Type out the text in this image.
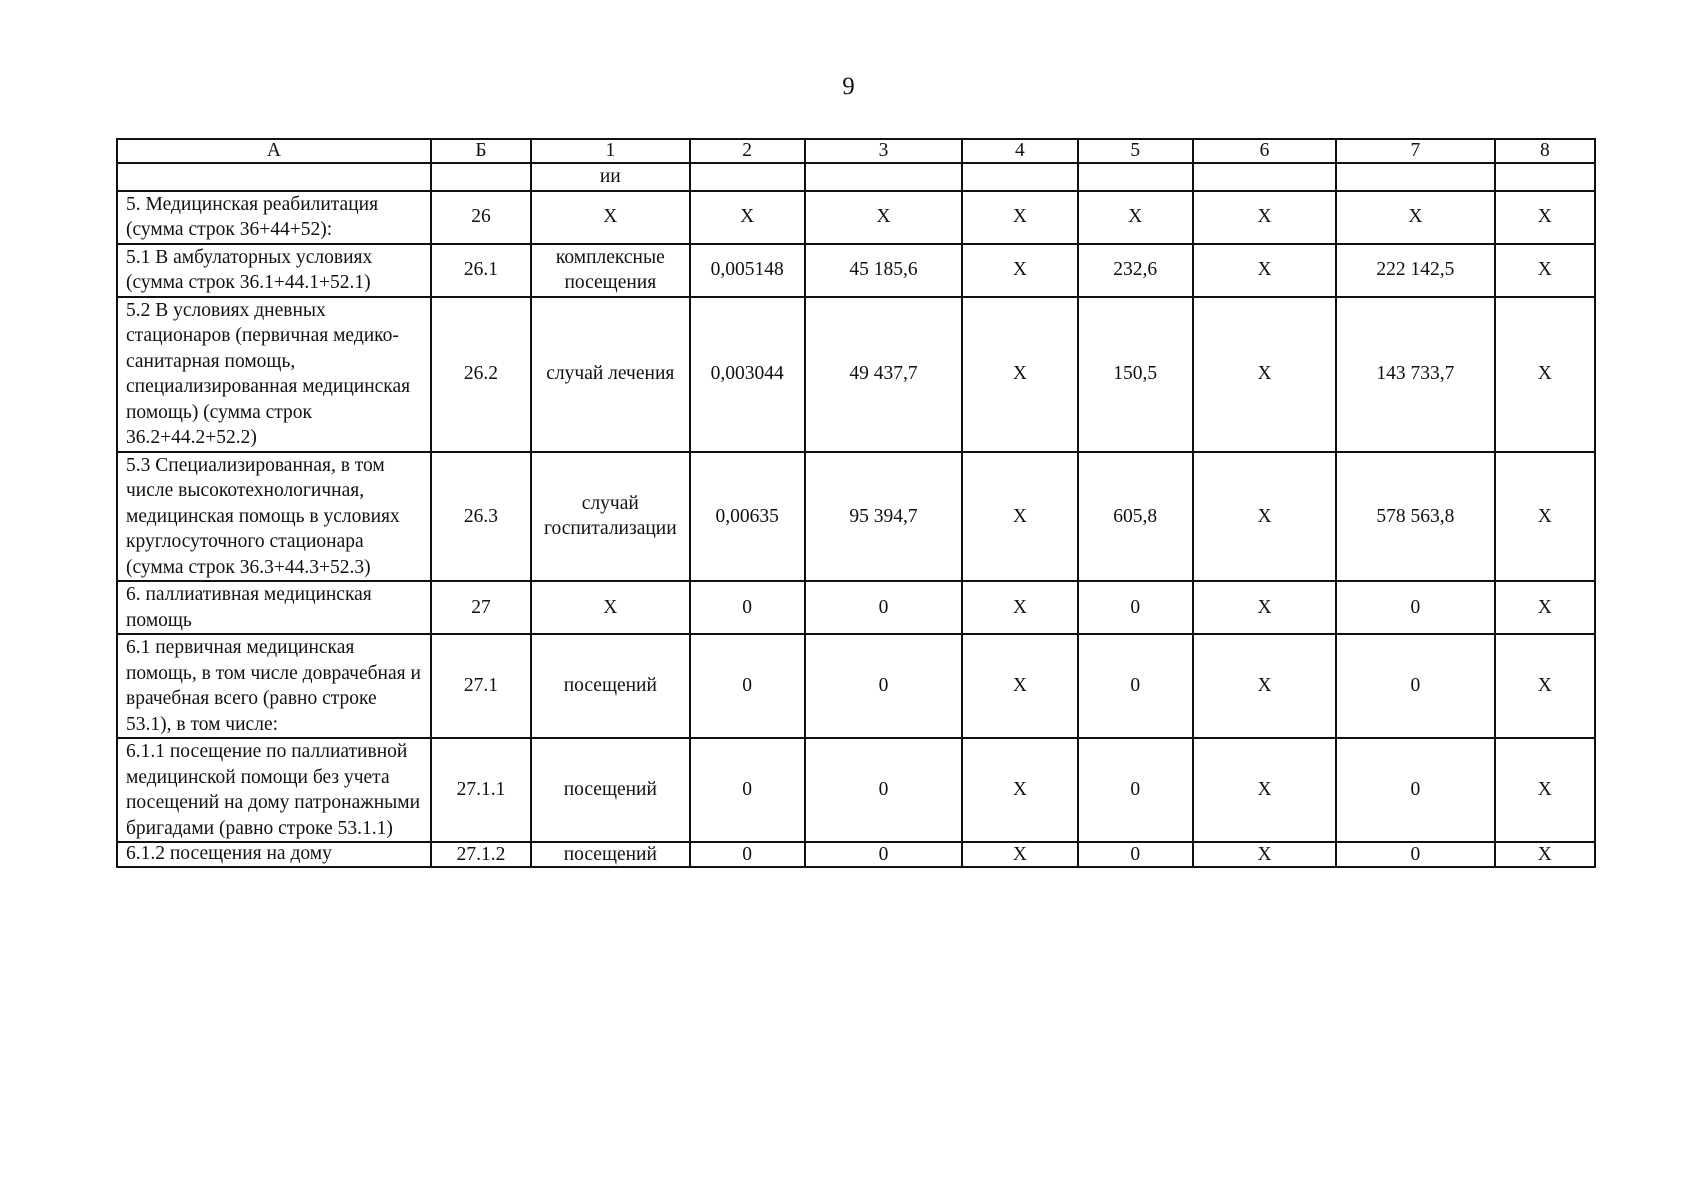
9
А	Б	1	2	3	4	5	6	7	8
		ии							
5. Медицинская реабилитация (сумма строк 36+44+52):	26	X	X	X	X	X	X	X	X
5.1 В амбулаторных условиях (сумма строк 36.1+44.1+52.1)	26.1	комплексные посещения	0,005148	45 185,6	X	232,6	X	222 142,5	X
5.2 В условиях дневных стационаров (первичная медико-санитарная помощь, специализированная медицинская помощь) (сумма строк 36.2+44.2+52.2)	26.2	случай лечения	0,003044	49 437,7	X	150,5	X	143 733,7	X
5.3 Специализированная, в том числе высокотехнологичная, медицинская помощь в условиях круглосуточного стационара (сумма строк 36.3+44.3+52.3)	26.3	случай госпитализации	0,00635	95 394,7	X	605,8	X	578 563,8	X
6. паллиативная медицинская помощь	27	X	0	0	X	0	X	0	X
6.1 первичная медицинская помощь, в том числе доврачебная и врачебная всего (равно строке 53.1), в том числе:	27.1	посещений	0	0	X	0	X	0	X
6.1.1 посещение по паллиативной медицинской помощи без учета посещений на дому патронажными бригадами (равно строке 53.1.1)	27.1.1	посещений	0	0	X	0	X	0	X
6.1.2 посещения на дому	27.1.2	посещений	0	0	X	0	X	0	X
